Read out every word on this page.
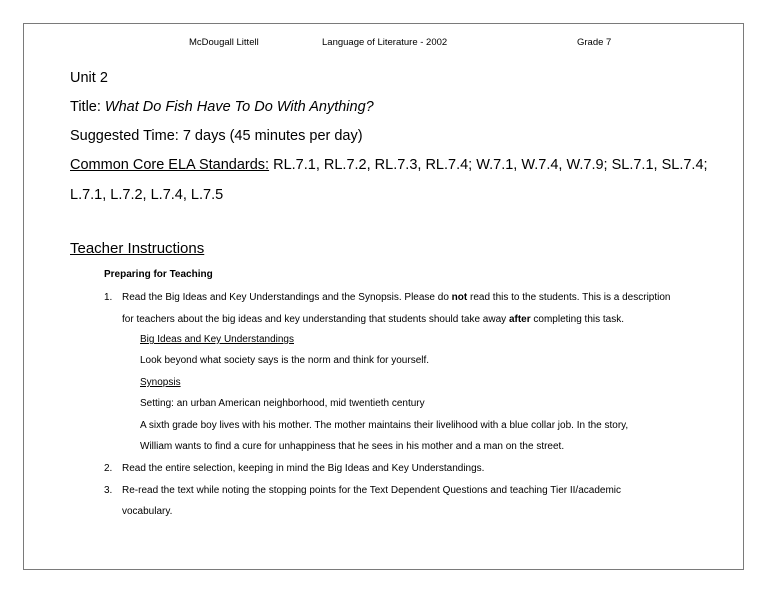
McDougall Littell	Language of Literature - 2002	Grade 7
Unit 2
Title: What Do Fish Have To Do With Anything?
Suggested Time: 7 days (45 minutes per day)
Common Core ELA Standards: RL.7.1, RL.7.2, RL.7.3, RL.7.4; W.7.1, W.7.4, W.7.9; SL.7.1, SL.7.4;
L.7.1, L.7.2, L.7.4, L.7.5
Teacher Instructions
Preparing for Teaching
1. Read the Big Ideas and Key Understandings and the Synopsis. Please do not read this to the students. This is a description
for teachers about the big ideas and key understanding that students should take away after completing this task.
Big Ideas and Key Understandings
Look beyond what society says is the norm and think for yourself.
Synopsis
Setting: an urban American neighborhood, mid twentieth century
A sixth grade boy lives with his mother. The mother maintains their livelihood with a blue collar job. In the story,
William wants to find a cure for unhappiness that he sees in his mother and a man on the street.
2. Read the entire selection, keeping in mind the Big Ideas and Key Understandings.
3. Re-read the text while noting the stopping points for the Text Dependent Questions and teaching Tier II/academic
vocabulary.
